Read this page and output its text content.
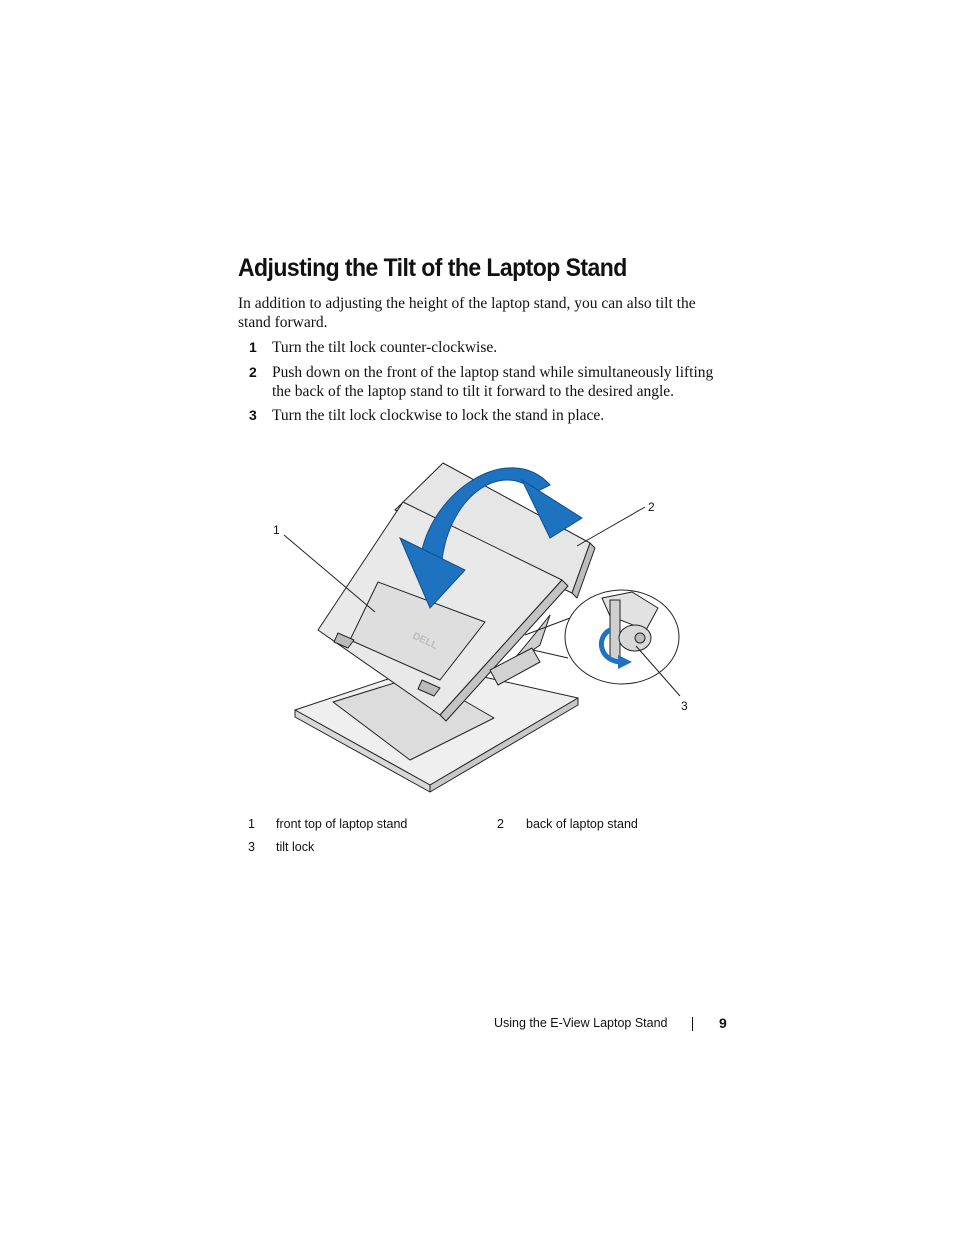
Adjusting the Tilt of the Laptop Stand

In addition to adjusting the height of the laptop stand, you can also tilt the
stand forward.

1 Turn the tilt lock counter-clockwise.
2 Push down on the front of the laptop stand while simultaneously lifting
the back of the laptop stand to tilt it forward to the desired angle.
3 Turn the tilt lock clockwise to lock the stand in place.
DELL
1
2
3
1 front top of laptop stand	2 back of laptop stand
3 tilt lock
Using the E-View Laptop Stand	9
